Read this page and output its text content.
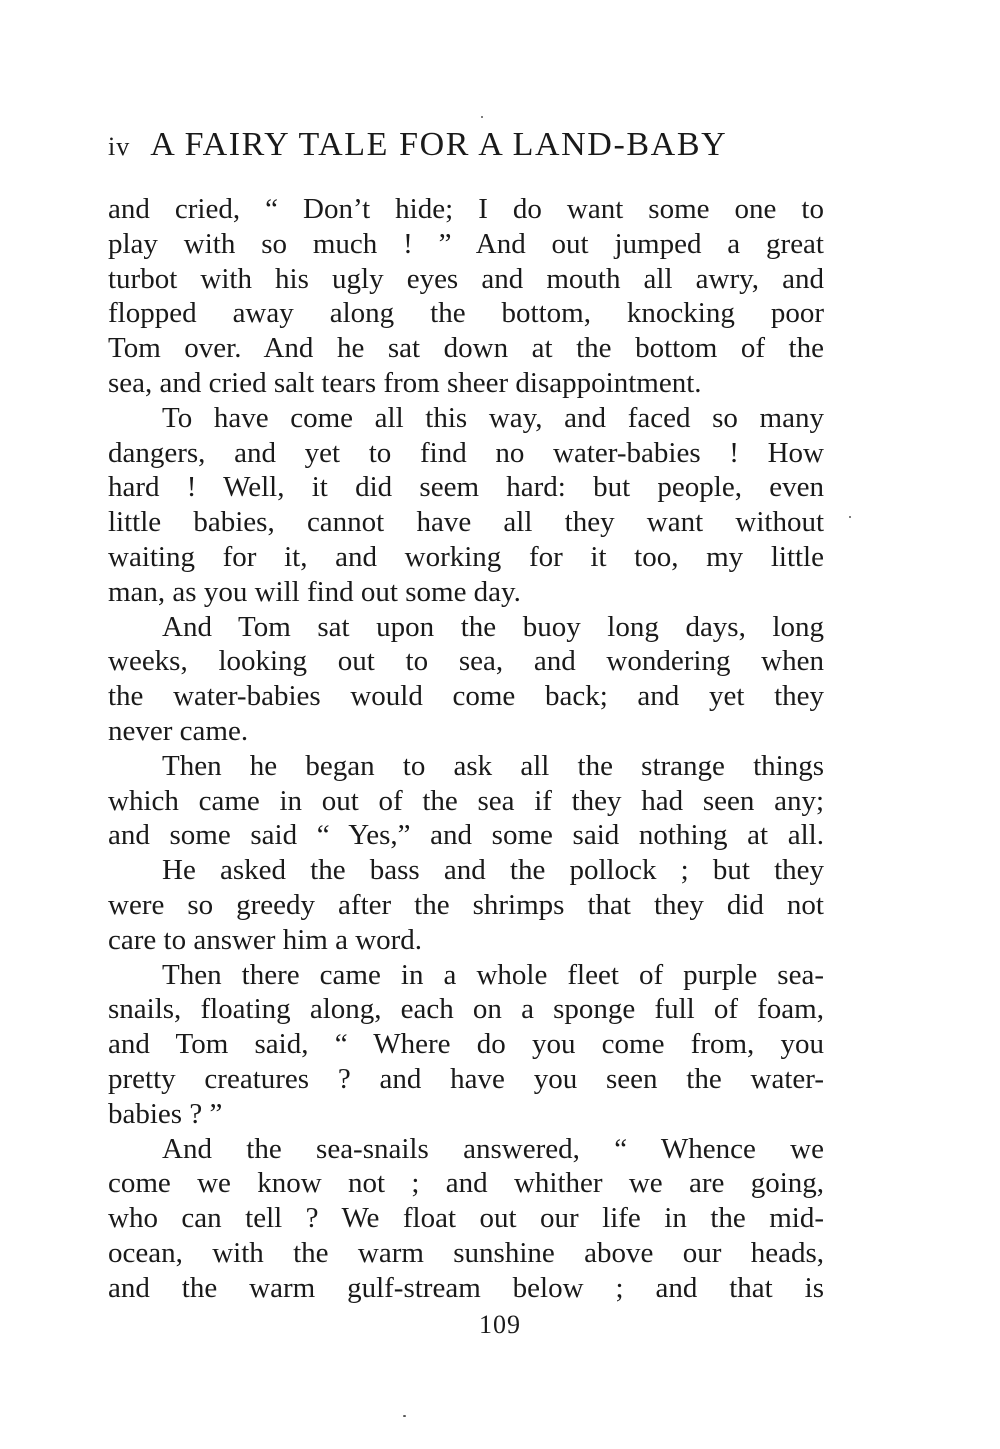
iv A FAIRY TALE FOR A LAND-BABY
and cried, “ Don’t hide; I do want some one to
play with so much ! ” And out jumped a great
turbot with his ugly eyes and mouth all awry, and
flopped away along the bottom, knocking poor
Tom over. And he sat down at the bottom of the
sea, and cried salt tears from sheer disappointment.
To have come all this way, and faced so many
dangers, and yet to find no water-babies ! How
hard ! Well, it did seem hard: but people, even
little babies, cannot have all they want without
waiting for it, and working for it too, my little
man, as you will find out some day.
And Tom sat upon the buoy long days, long
weeks, looking out to sea, and wondering when
the water-babies would come back; and yet they
never came.
Then he began to ask all the strange things
which came in out of the sea if they had seen any;
and some said “ Yes,” and some said nothing at all.
He asked the bass and the pollock ; but they
were so greedy after the shrimps that they did not
care to answer him a word.
Then there came in a whole fleet of purple sea-
snails, floating along, each on a sponge full of foam,
and Tom said, “ Where do you come from, you
pretty creatures ? and have you seen the water-
babies ? ”
And the sea-snails answered, “ Whence we
come we know not ; and whither we are going,
who can tell ? We float out our life in the mid-
ocean, with the warm sunshine above our heads,
and the warm gulf-stream below ; and that is
109
